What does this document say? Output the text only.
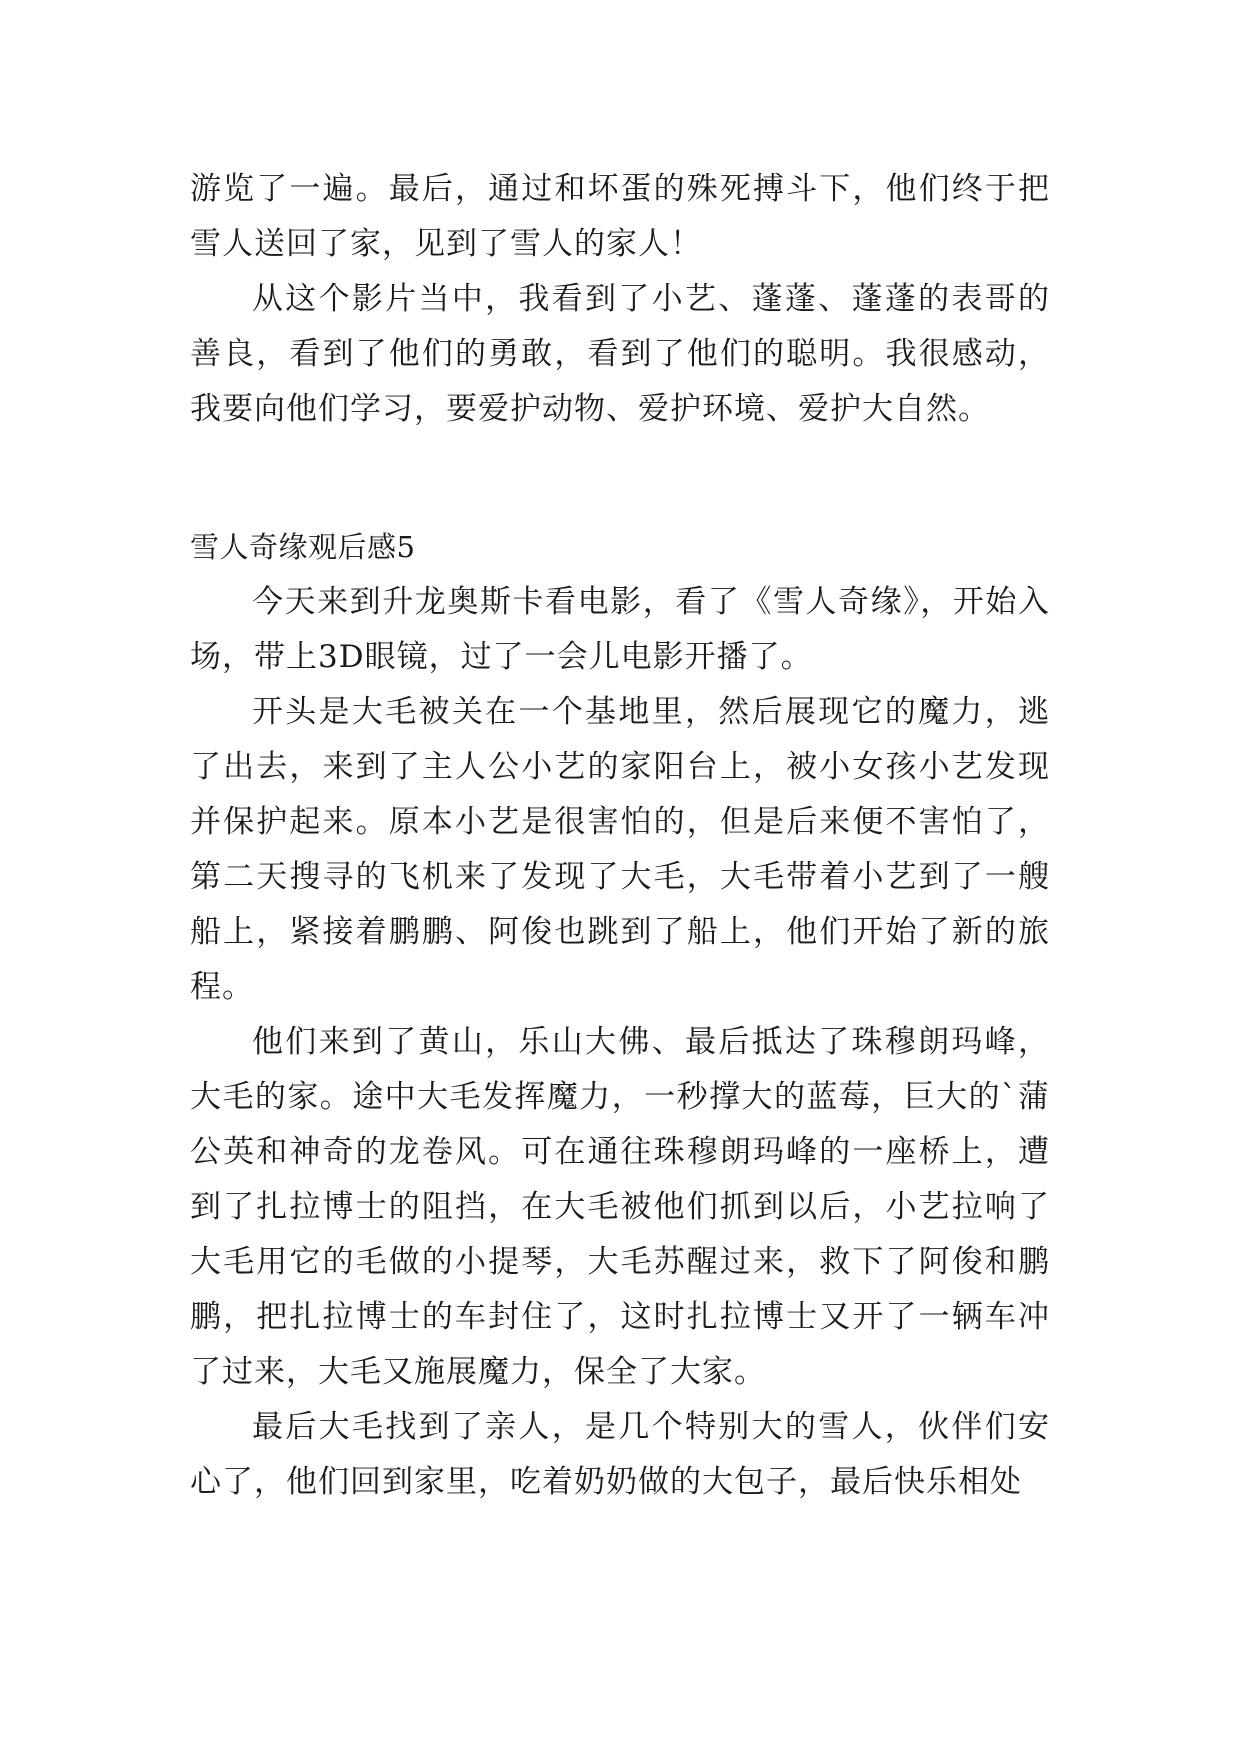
游览了一遍。最后，通过和坏蛋的殊死搏斗下，他们终于把雪人送回了家，见到了雪人的家人！

从这个影片当中，我看到了小艺、蓬蓬、蓬蓬的表哥的善良，看到了他们的勇敢，看到了他们的聪明。我很感动，我要向他们学习，要爱护动物、爱护环境、爱护大自然。

雪人奇缘观后感5

今天来到升龙奥斯卡看电影，看了《雪人奇缘》，开始入场，带上3D眼镜，过了一会儿电影开播了。

开头是大毛被关在一个基地里，然后展现它的魔力，逃了出去，来到了主人公小艺的家阳台上，被小女孩小艺发现并保护起来。原本小艺是很害怕的，但是后来便不害怕了，第二天搜寻的飞机来了发现了大毛，大毛带着小艺到了一艘船上，紧接着鹏鹏、阿俊也跳到了船上，他们开始了新的旅程。

他们来到了黄山，乐山大佛、最后抵达了珠穆朗玛峰，大毛的家。途中大毛发挥魔力，一秒撑大的蓝莓，巨大的`蒲公英和神奇的龙卷风。可在通往珠穆朗玛峰的一座桥上，遭到了扎拉博士的阻挡，在大毛被他们抓到以后，小艺拉响了大毛用它的毛做的小提琴，大毛苏醒过来，救下了阿俊和鹏鹏，把扎拉博士的车封住了，这时扎拉博士又开了一辆车冲了过来，大毛又施展魔力，保全了大家。

最后大毛找到了亲人，是几个特别大的雪人，伙伴们安心了，他们回到家里，吃着奶奶做的大包子，最后快乐相处
